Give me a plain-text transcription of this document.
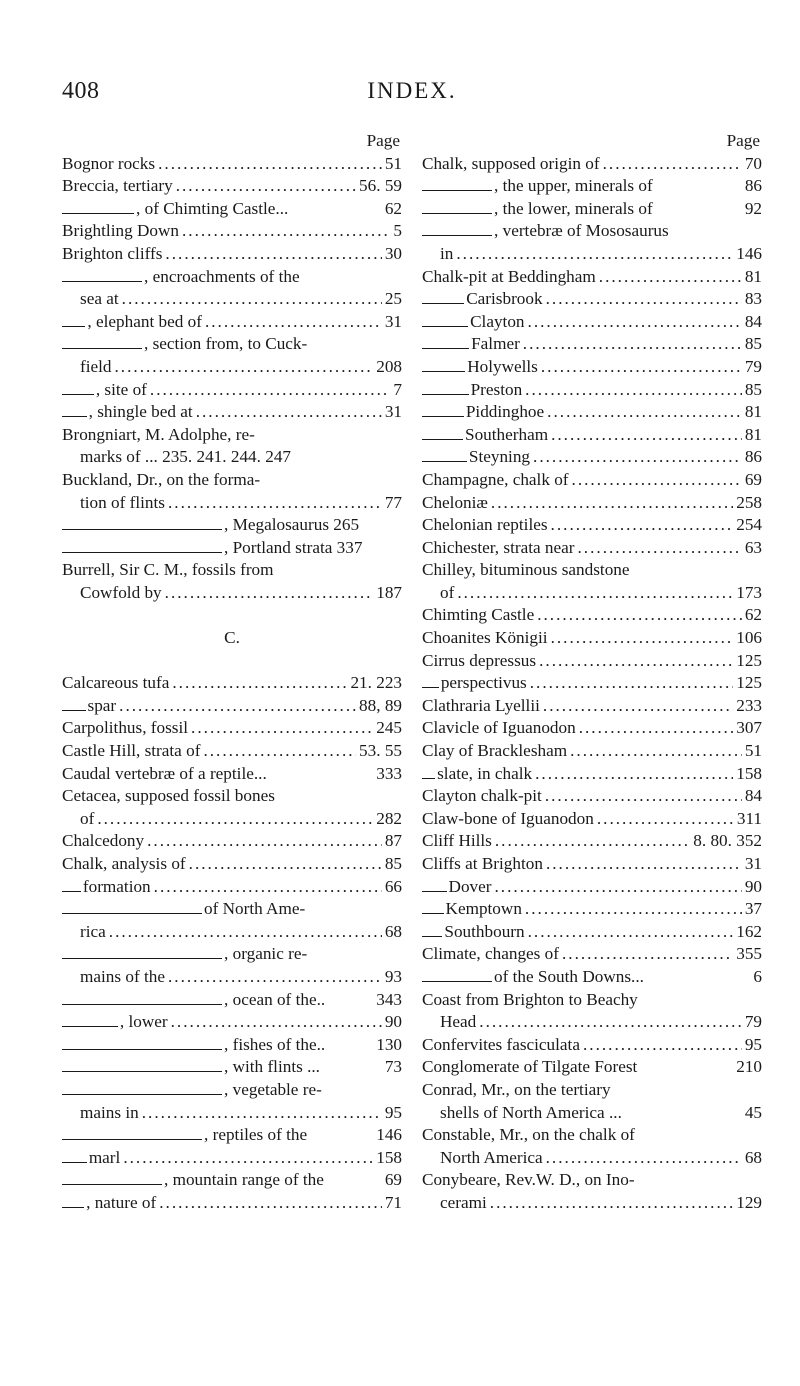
408	INDEX.
Page
Bognor rocks .....	51
Breccia, tertiary .....	56. 59
, of Chimting Castle...	62
Brightling Down .....	5
Brighton cliffs .....	30
, encroachments of the
sea at .....	25
, elephant bed of .....	31
, section from, to Cuck-
field .....	208
, site of .....	7
, shingle bed at .....	31
Brongniart, M. Adolphe, re-
marks of ... 235. 241. 244. 247
Buckland, Dr., on the forma-
tion of flints .....	77
, Megalosaurus 265
, Portland strata 337
Burrell, Sir C. M., fossils from
Cowfold by .....	187
C.
Calcareous tufa .....	21. 223
spar .....	88, 89
Carpolithus, fossil .....	245
Castle Hill, strata of .....	53. 55
Caudal vertebræ of a reptile...	333
Cetacea, supposed fossil bones
of .....	282
Chalcedony .....	87
Chalk, analysis of .....	85
formation .....	66
of North Ame-
rica .....	68
, organic re-
mains of the .....	93
, ocean of the..	343
, lower .....	90
, fishes of the..	130
, with flints ...	73
, vegetable re-
mains in .....	95
, reptiles of the	146
marl .....	158
, mountain range of the	69
, nature of .....	71
Page
Chalk, supposed origin of .....	70
, the upper, minerals of	86
, the lower, minerals of	92
, vertebræ of Mososaurus
in .....	146
Chalk-pit at Beddingham .....	81
Carisbrook .....	83
Clayton .....	84
Falmer .....	85
Holywells .....	79
Preston .....	85
Piddinghoe .....	81
Southerham .....	81
Steyning .....	86
Champagne, chalk of .....	69
Cheloniæ .....	258
Chelonian reptiles .....	254
Chichester, strata near .....	63
Chilley, bituminous sandstone
of .....	173
Chimting Castle .....	62
Choanites Königii .....	106
Cirrus depressus .....	125
perspectivus .....	125
Clathraria Lyellii .....	233
Clavicle of Iguanodon .....	307
Clay of Bracklesham .....	51
slate, in chalk .....	158
Clayton chalk-pit .....	84
Claw-bone of Iguanodon .....	311
Cliff Hills .....	8. 80. 352
Cliffs at Brighton .....	31
Dover .....	90
Kemptown .....	37
Southbourn .....	162
Climate, changes of .....	355
of the South Downs...	6
Coast from Brighton to Beachy
Head .....	79
Confervites fasciculata .....	95
Conglomerate of Tilgate Forest	210
Conrad, Mr., on the tertiary
shells of North America ...	45
Constable, Mr., on the chalk of
North America .....	68
Conybeare, Rev.W. D., on Ino-
cerami .....	129
